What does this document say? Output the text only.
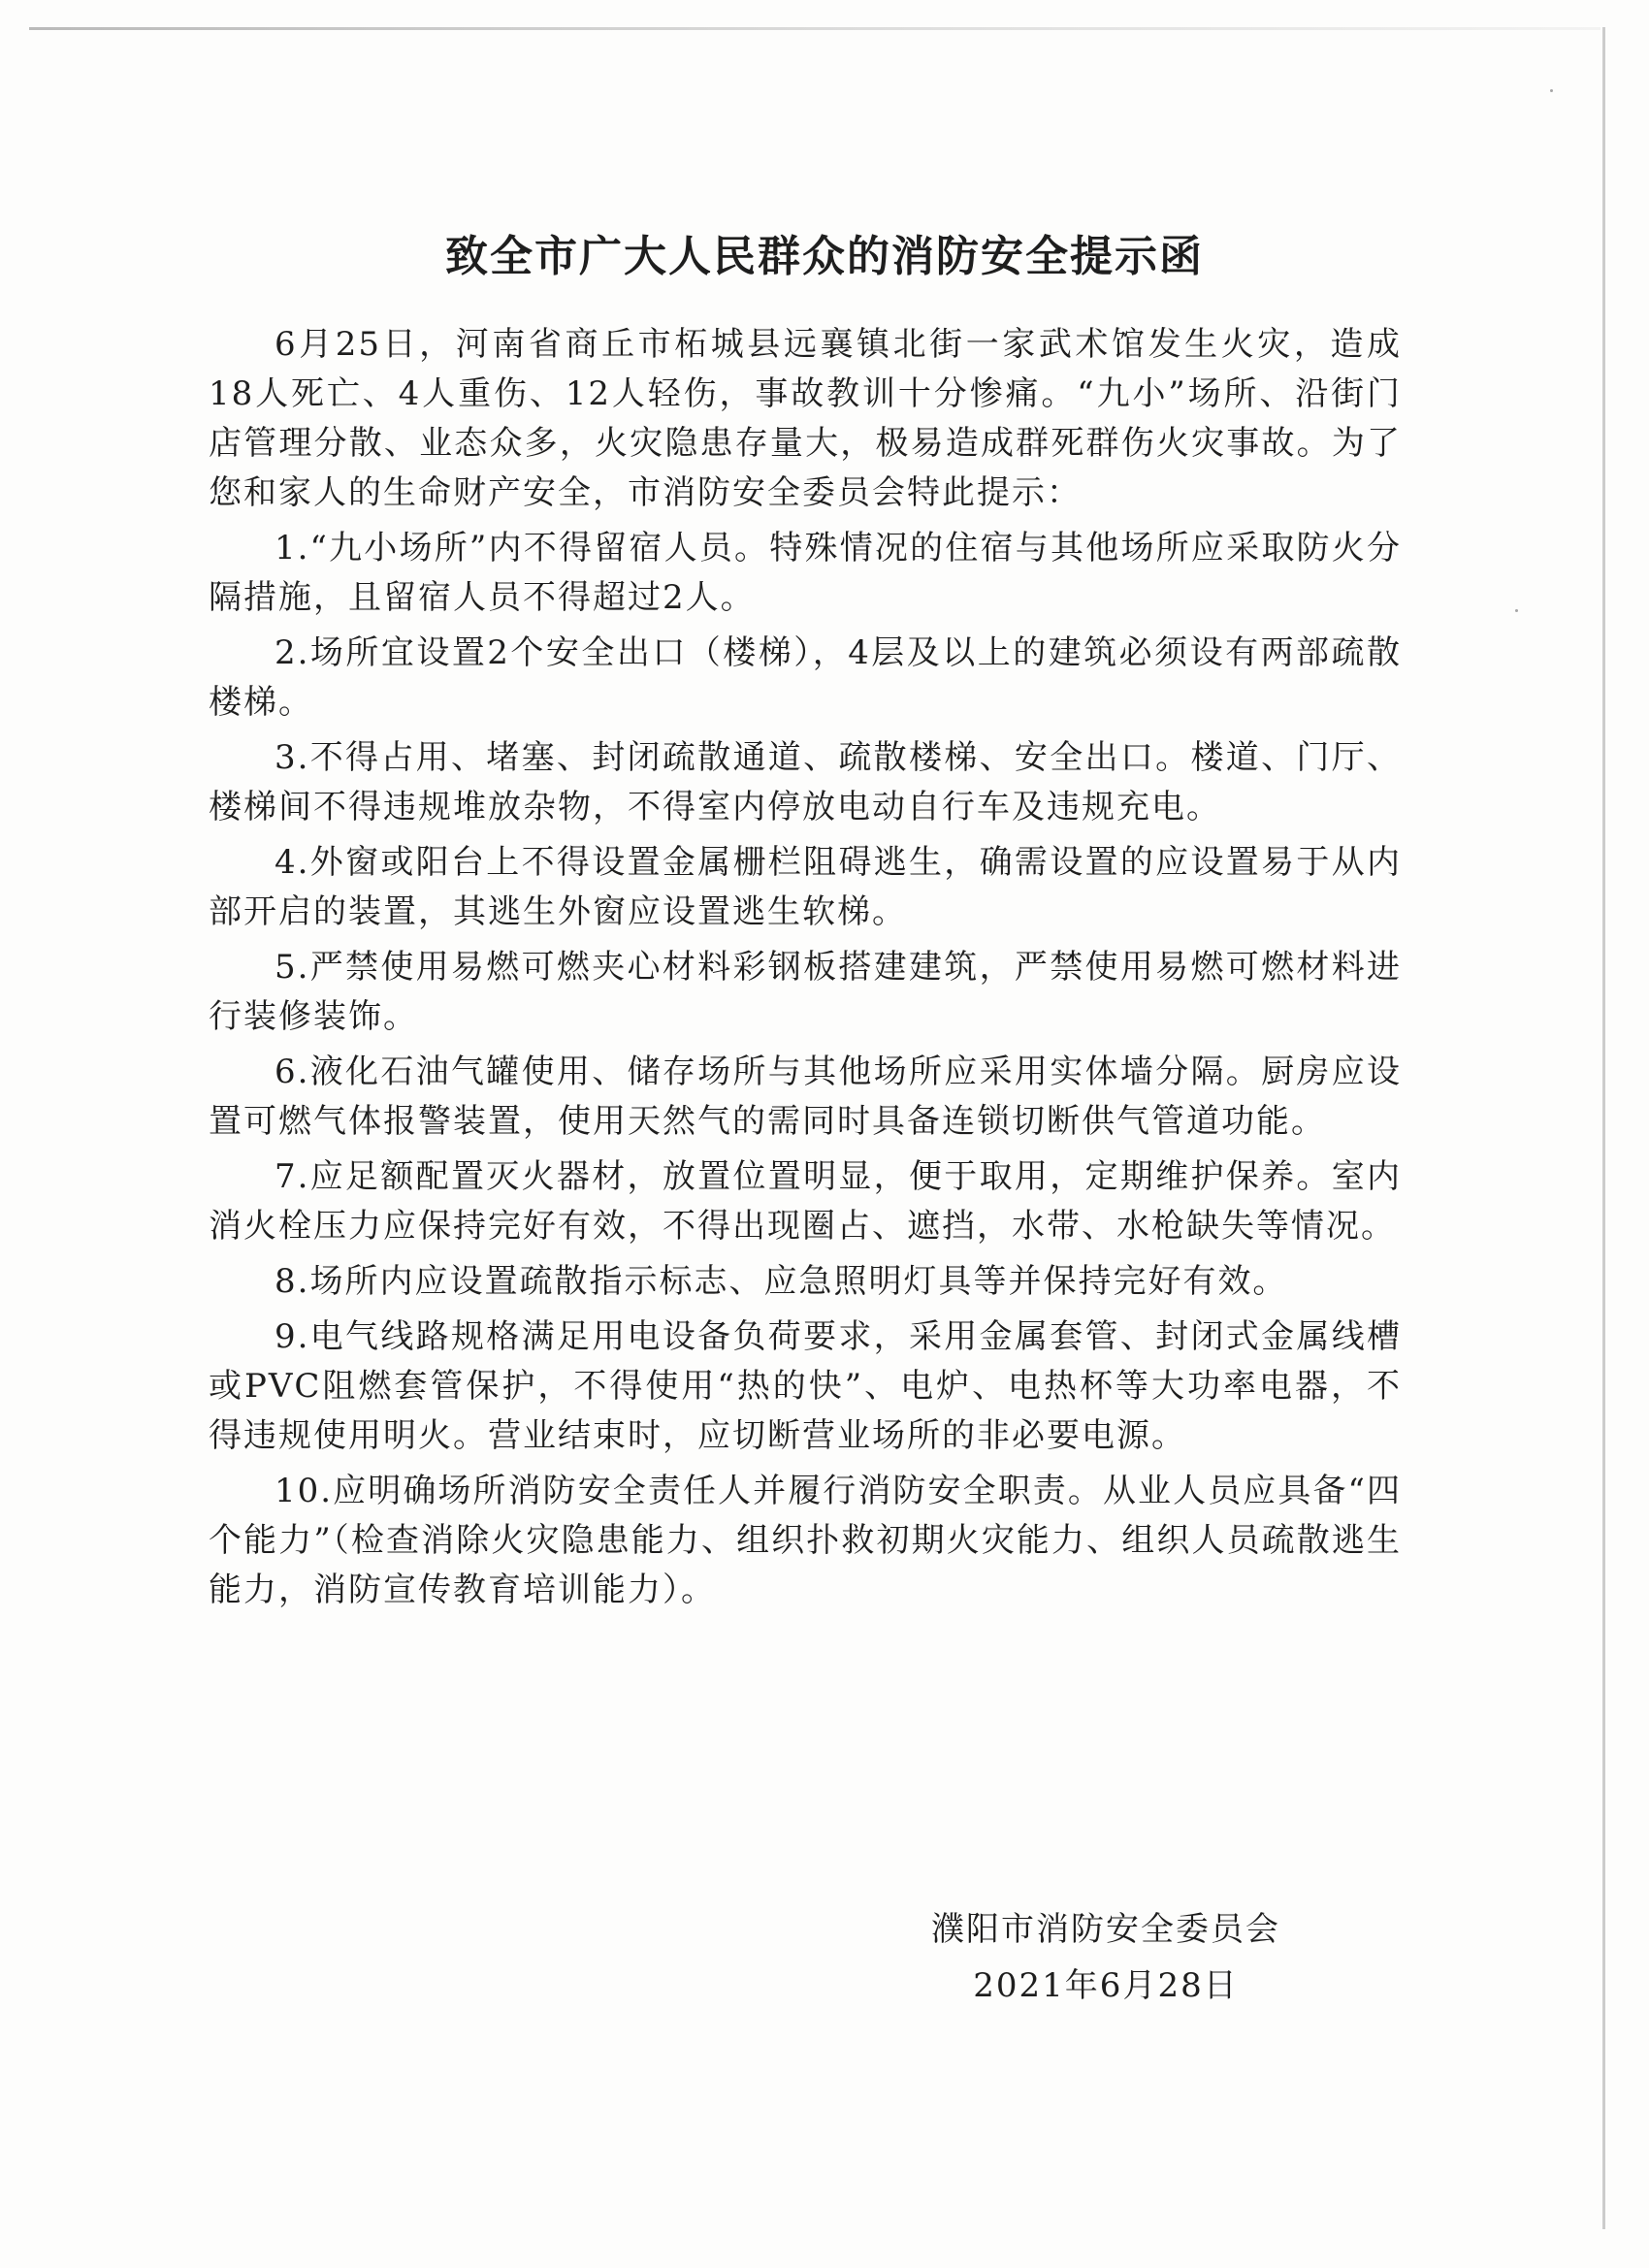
致全市广大人民群众的消防安全提示函

6月25日，河南省商丘市柘城县远襄镇北街一家武术馆发生火灾，造成18人死亡、4人重伤、12人轻伤，事故教训十分惨痛。“九小”场所、沿街门店管理分散、业态众多，火灾隐患存量大，极易造成群死群伤火灾事故。为了您和家人的生命财产安全，市消防安全委员会特此提示：

1.“九小场所”内不得留宿人员。特殊情况的住宿与其他场所应采取防火分隔措施，且留宿人员不得超过2人。

2.场所宜设置2个安全出口（楼梯），4层及以上的建筑必须设有两部疏散楼梯。

3.不得占用、堵塞、封闭疏散通道、疏散楼梯、安全出口。楼道、门厅、楼梯间不得违规堆放杂物，不得室内停放电动自行车及违规充电。

4.外窗或阳台上不得设置金属栅栏阻碍逃生，确需设置的应设置易于从内部开启的装置，其逃生外窗应设置逃生软梯。

5.严禁使用易燃可燃夹心材料彩钢板搭建建筑，严禁使用易燃可燃材料进行装修装饰。

6.液化石油气罐使用、储存场所与其他场所应采用实体墙分隔。厨房应设置可燃气体报警装置，使用天然气的需同时具备连锁切断供气管道功能。

7.应足额配置灭火器材，放置位置明显，便于取用，定期维护保养。室内消火栓压力应保持完好有效，不得出现圈占、遮挡，水带、水枪缺失等情况。

8.场所内应设置疏散指示标志、应急照明灯具等并保持完好有效。

9.电气线路规格满足用电设备负荷要求，采用金属套管、封闭式金属线槽或PVC阻燃套管保护，不得使用“热的快”、电炉、电热杯等大功率电器，不得违规使用明火。营业结束时，应切断营业场所的非必要电源。

10.应明确场所消防安全责任人并履行消防安全职责。从业人员应具备“四个能力”（检查消除火灾隐患能力、组织扑救初期火灾能力、组织人员疏散逃生能力，消防宣传教育培训能力）。

濮阳市消防安全委员会
2021年6月28日
